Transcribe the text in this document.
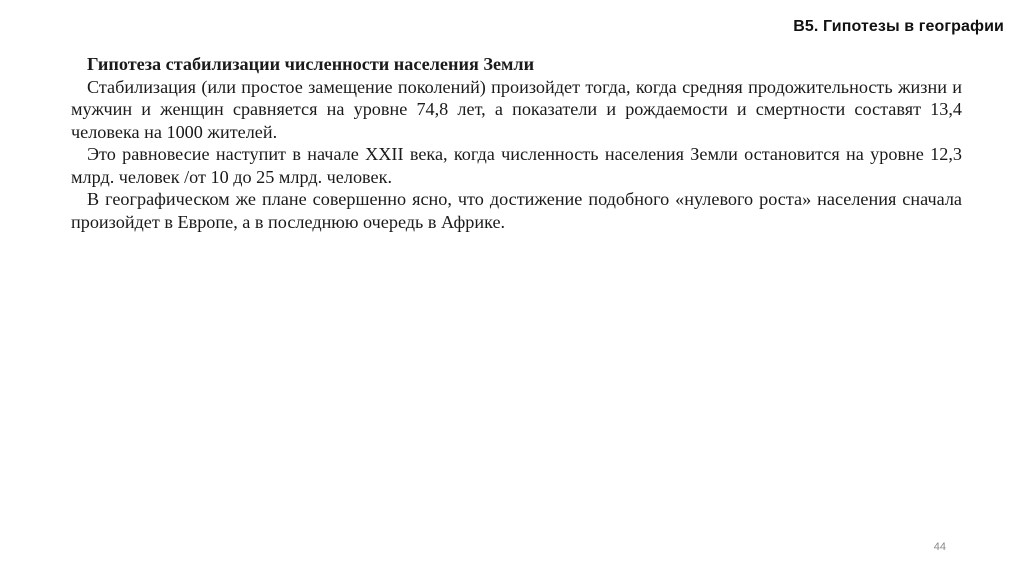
В5. Гипотезы в географии

Гипотеза стабилизации численности населения Земли

Стабилизация (или простое замещение поколений) произойдет тогда, когда средняя продожительность жизни и мужчин и женщин сравняется на уровне 74,8 лет, а показатели и рождаемости и смертности составят 13,4 человека на 1000 жителей.

Это равновесие наступит в начале XXII века, когда численность населения Земли остановится на уровне 12,3 млрд. человек /от 10 до 25 млрд. человек.

В географическом же плане совершенно ясно, что достижение подобного «нулевого роста» населения сначала произойдет в Европе, а в последнюю очередь в Африке.

44
